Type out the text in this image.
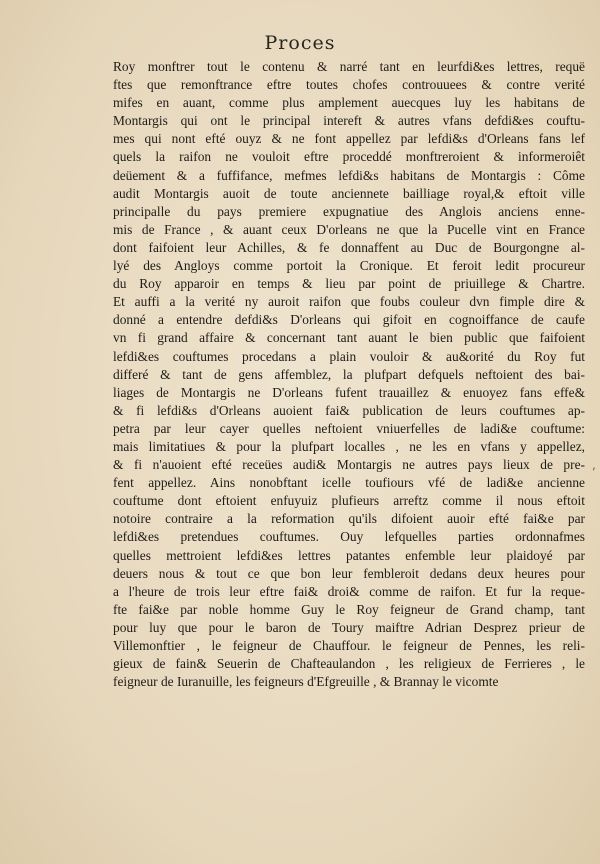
Proces
Roy monftrer tout le contenu & narré tant en leurfdi&es lettres, requë
ftes que remonftrance eftre toutes chofes controuuees & contre verité
mifes en auant, comme plus amplement auecques luy les habitans de
Montargis qui ont le principal intereft & autres vfans defdi&es couftu-
mes qui nont efté ouyz & ne font appellez par lefdi&s d'Orleans fans lef
quels la raifon ne vouloit eftre proceddé monftreroient & informeroiêt
deüement & a fuffifance, mefmes lefdi&s habitans de Montargis : Côme
audit Montargis auoit de toute anciennete bailliage royal,& eftoit ville
principalle du pays premiere expugnatiue des Anglois anciens enne-
mis de France , & auant ceux D'orleans ne que la Pucelle vint en France
dont faifoient leur Achilles, & fe donnaffent au Duc de Bourgongne al-
lyé des Angloys comme portoit la Cronique. Et feroit ledit procureur
du Roy apparoir en temps & lieu par point de priuillege & Chartre.
Et auffi a la verité ny auroit raifon que foubs couleur dvn fimple dire &
donné a entendre defdi&s D'orleans qui gifoit en cognoiffance de caufe
vn fi grand affaire & concernant tant auant le bien public que faifoient
lefdi&es couftumes procedans a plain vouloir & au&orité du Roy fut
differé & tant de gens affemblez, la plufpart defquels neftoient des bai-
liages de Montargis ne D'orleans fufent trauaillez & enuoyez fans effe&
& fi lefdi&s d'Orleans auoient fai& publication de leurs couftumes ap-
petra par leur cayer quelles neftoient vniuerfelles de ladi&e couftume:
mais limitatiues & pour la plufpart localles , ne les en vfans y appellez,
& fi n'auoient efté receües audi& Montargis ne autres pays lieux de pre-
fent appellez. Ains nonobftant icelle toufiours vfé de ladi&e ancienne
couftume dont eftoient enfuyuiz plufieurs arreftz comme il nous eftoit
notoire contraire a la reformation qu'ils difoient auoir efté fai&e par
lefdi&es pretendues couftumes. Ouy lefquelles parties ordonnafmes
quelles mettroient lefdi&es lettres patantes enfemble leur plaidoyé par
deuers nous & tout ce que bon leur fembleroit dedans deux heures pour
a l'heure de trois leur eftre fai& droi& comme de raifon. Et fur la reque-
fte fai&e par noble homme Guy le Roy feigneur de Grand champ, tant
pour luy que pour le baron de Toury maiftre Adrian Desprez prieur de
Villemonftier , le feigneur de Chauffour. le feigneur de Pennes, les reli-
gieux de fain& Seuerin de Chafteaulandon , les religieux de Ferrieres , le
feigneur de Iuranuille, les feigneurs d'Efgreuille , & Brannay le vicomte
,
